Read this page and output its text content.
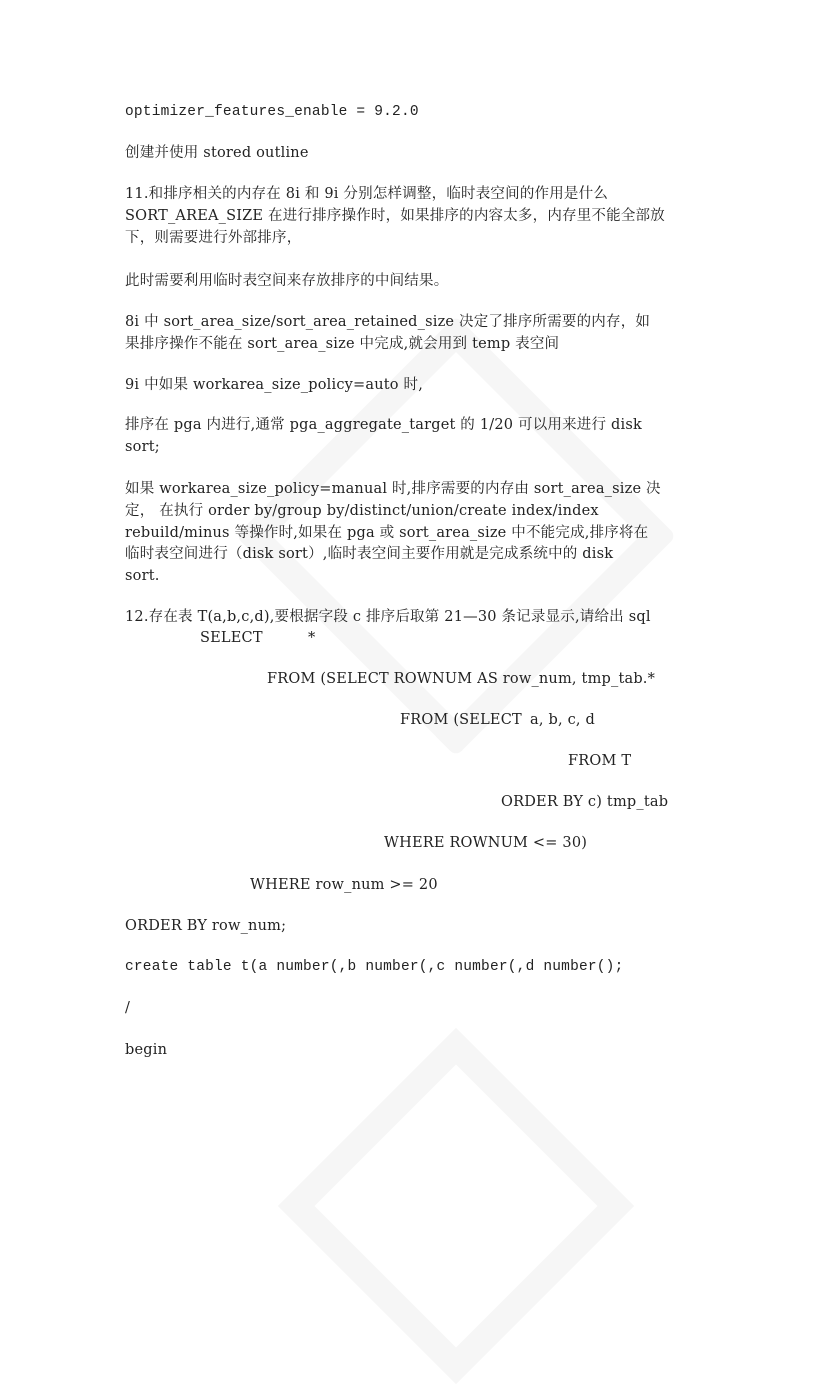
optimizer_features_enable = 9.2.0
创建并使用 stored outline
11.和排序相关的内存在 8i 和 9i 分别怎样调整，临时表空间的作用是什么
SORT_AREA_SIZE 在进行排序操作时，如果排序的内容太多，内存里不能全部放
下，则需要进行外部排序，
此时需要利用临时表空间来存放排序的中间结果。
8i 中 sort_area_size/sort_area_retained_size 决定了排序所需要的内存，如
果排序操作不能在 sort_area_size 中完成,就会用到 temp 表空间
9i 中如果 workarea_size_policy=auto 时,
排序在 pga 内进行,通常 pga_aggregate_target 的 1/20 可以用来进行 disk
sort;
如果 workarea_size_policy=manual 时,排序需要的内存由 sort_area_size 决
定， 在执行 order by/group by/distinct/union/create index/index
rebuild/minus 等操作时,如果在 pga 或 sort_area_size 中不能完成,排序将在
临时表空间进行（disk sort）,临时表空间主要作用就是完成系统中的 disk
sort.
12.存在表 T(a,b,c,d),要根据字段 c 排序后取第 21—30 条记录显示,请给出 sql
SELECT	*
FROM (SELECT ROWNUM AS row_num, tmp_tab.*
FROM (SELECT a, b, c, d
FROM T
ORDER BY c) tmp_tab
WHERE ROWNUM <= 30)
WHERE row_num >= 20
ORDER BY row_num;
create table t(a number(,b number(,c number(,d number();
/
begin
